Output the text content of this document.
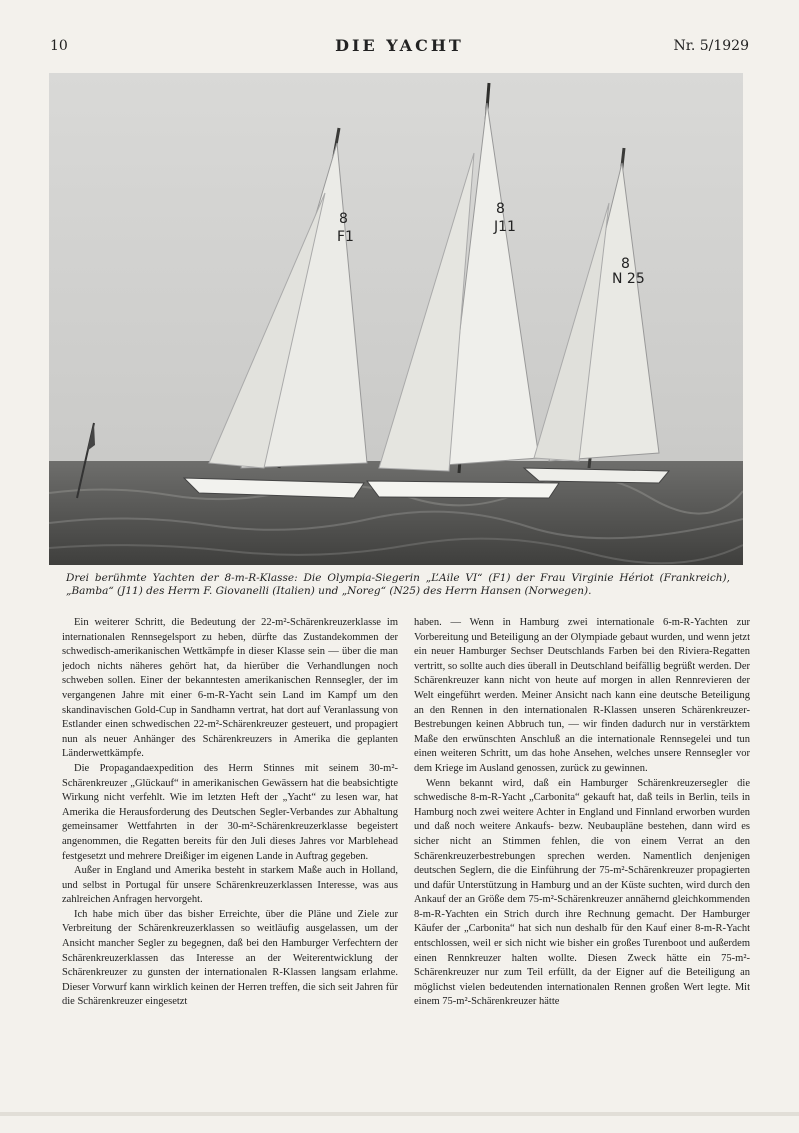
10	DIE YACHT	Nr. 5/1929
8
F1
8
J11
8
N 25
Drei berühmte Yachten der 8-m-R-Klasse: Die Olympia-Siegerin „L’Aile VI“ (F1) der Frau Virginie Hériot (Frankreich), „Bamba“ (J11) des Herrn F. Giovanelli (Italien) und „Noreg“ (N25) des Herrn Hansen (Norwegen).

Ein weiterer Schritt, die Bedeutung der 22-m²-Schärenkreuzerklasse im internationalen Rennsegelsport zu heben, dürfte das Zustandekommen der schwedisch-amerikanischen Wettkämpfe in dieser Klasse sein — über die man jedoch nichts näheres gehört hat, da hierüber die Verhandlungen noch schweben sollen. Einer der bekanntesten amerikanischen Rennsegler, der im vergangenen Jahre mit einer 6-m-R-Yacht sein Land im Kampf um den skandinavischen Gold-Cup in Sandhamn vertrat, hat dort auf Veranlassung von Estlander einen schwedischen 22-m²-Schärenkreuzer gesteuert, und propagiert nun als neuer Anhänger des Schärenkreuzers in Amerika die geplanten Länderwettkämpfe.

Die Propagandaexpedition des Herrn Stinnes mit seinem 30-m²-Schärenkreuzer „Glückauf“ in amerikanischen Gewässern hat die beabsichtigte Wirkung nicht verfehlt. Wie im letzten Heft der „Yacht“ zu lesen war, hat Amerika die Herausforderung des Deutschen Segler-Verbandes zur Abhaltung gemeinsamer Wettfahrten in der 30-m²-Schärenkreuzerklasse begeistert angenommen, die Regatten bereits für den Juli dieses Jahres vor Marblehead festgesetzt und mehrere Dreißiger im eigenen Lande in Auftrag gegeben.

Außer in England und Amerika besteht in starkem Maße auch in Holland, und selbst in Portugal für unsere Schärenkreuzerklassen Interesse, was aus zahlreichen Anfragen hervorgeht.

Ich habe mich über das bisher Erreichte, über die Pläne und Ziele zur Verbreitung der Schärenkreuzerklassen so weitläufig ausgelassen, um der Ansicht mancher Segler zu begegnen, daß bei den Hamburger Verfechtern der Schärenkreuzerklassen das Interesse an der Weiterentwicklung der Schärenkreuzer zu gunsten der internationalen R-Klassen langsam erlahme. Dieser Vorwurf kann wirklich keinen der Herren treffen, die sich seit Jahren für die Schärenkreuzer eingesetzt

haben. — Wenn in Hamburg zwei internationale 6-m-R-Yachten zur Vorbereitung und Beteiligung an der Olympiade gebaut wurden, und wenn jetzt ein neuer Hamburger Sechser Deutschlands Farben bei den Riviera-Regatten vertritt, so sollte auch dies überall in Deutschland beifällig begrüßt werden. Der Schärenkreuzer kann nicht von heute auf morgen in allen Rennrevieren der Welt eingeführt werden. Meiner Ansicht nach kann eine deutsche Beteiligung an den Rennen in den internationalen R-Klassen unseren Schärenkreuzer-Bestrebungen keinen Abbruch tun, — wir finden dadurch nur in verstärktem Maße den erwünschten Anschluß an die internationale Rennsegelei und tun einen weiteren Schritt, um das hohe Ansehen, welches unsere Rennsegler vor dem Kriege im Ausland genossen, zurück zu gewinnen.

Wenn bekannt wird, daß ein Hamburger Schärenkreuzersegler die schwedische 8-m-R-Yacht „Carbonita“ gekauft hat, daß teils in Berlin, teils in Hamburg noch zwei weitere Achter in England und Finnland erworben wurden und daß noch weitere Ankaufs- bezw. Neubaupläne bestehen, dann wird es sicher nicht an Stimmen fehlen, die von einem Verrat an den Schärenkreuzerbestrebungen sprechen werden. Namentlich denjenigen deutschen Seglern, die die Einführung der 75-m²-Schärenkreuzer propagierten und dafür Unterstützung in Hamburg und an der Küste suchten, wird durch den Ankauf der an Größe dem 75-m²-Schärenkreuzer annähernd gleichkommenden 8-m-R-Yachten ein Strich durch ihre Rechnung gemacht. Der Hamburger Käufer der „Carbonita“ hat sich nun deshalb für den Kauf einer 8-m-R-Yacht entschlossen, weil er sich nicht wie bisher ein großes Turenboot und außerdem einen Rennkreuzer halten wollte. Diesen Zweck hätte ein 75-m²-Schärenkreuzer nur zum Teil erfüllt, da der Eigner auf die Beteiligung an möglichst vielen bedeutenden internationalen Rennen großen Wert legte. Mit einem 75-m²-Schärenkreuzer hätte
